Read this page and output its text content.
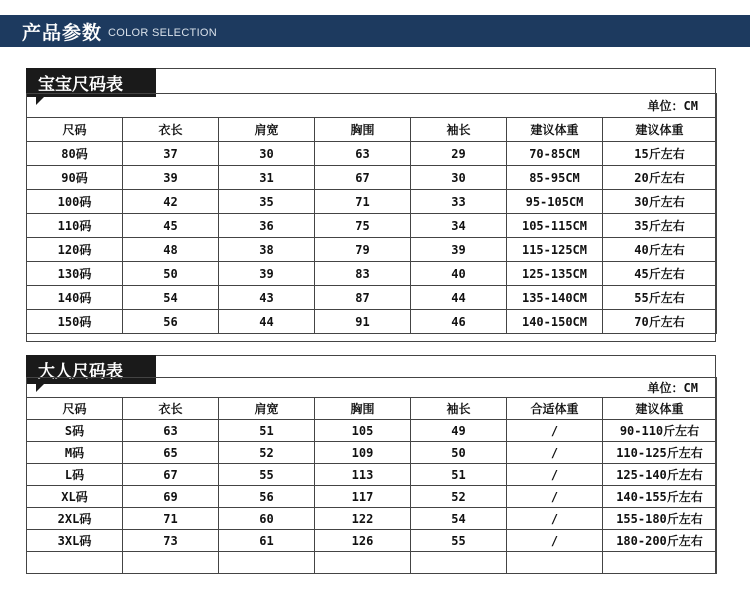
产品参数 COLOR SELECTION
宝宝尺码表
单位：CM						
尺码	衣长	肩宽	胸围	袖长	建议体重	建议体重
80码	37	30	63	29	70-85CM	15斤左右
90码	39	31	67	30	85-95CM	20斤左右
100码	42	35	71	33	95-105CM	30斤左右
110码	45	36	75	34	105-115CM	35斤左右
120码	48	38	79	39	115-125CM	40斤左右
130码	50	39	83	40	125-135CM	45斤左右
140码	54	43	87	44	135-140CM	55斤左右
150码	56	44	91	46	140-150CM	70斤左右
大人尺码表
单位：CM						
尺码	衣长	肩宽	胸围	袖长	合适体重	建议体重
S码	63	51	105	49	/	90-110斤左右
M码	65	52	109	50	/	110-125斤左右
L码	67	55	113	51	/	125-140斤左右
XL码	69	56	117	52	/	140-155斤左右
2XL码	71	60	122	54	/	155-180斤左右
3XL码	73	61	126	55	/	180-200斤左右
